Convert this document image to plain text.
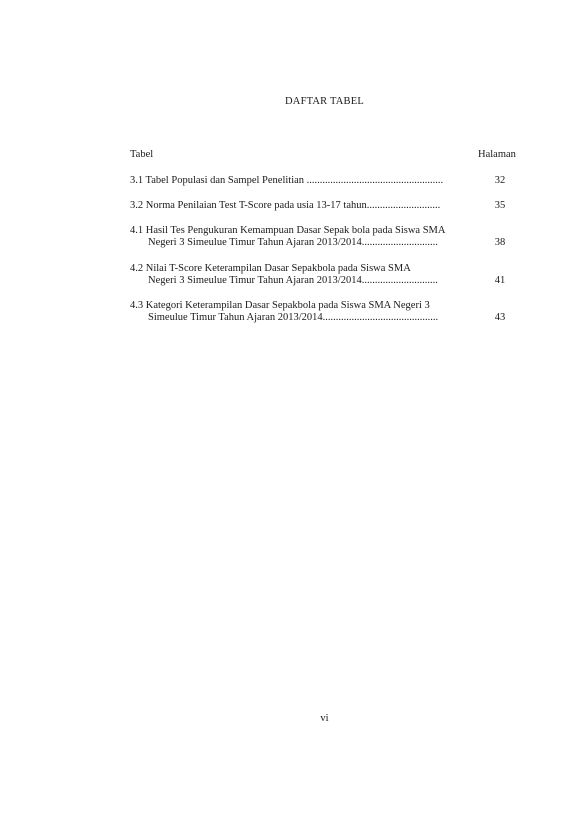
DAFTAR TABEL
Tabel	Halaman
3.1 Tabel Populasi dan Sampel Penelitian ....................................................	32
3.2 Norma Penilaian Test T-Score pada usia 13-17 tahun............................	35
4.1 Hasil Tes Pengukuran Kemampuan Dasar Sepak bola pada Siswa SMA
Negeri 3 Simeulue Timur Tahun Ajaran 2013/2014.............................	38
4.2 Nilai T-Score Keterampilan Dasar Sepakbola pada Siswa SMA
Negeri 3 Simeulue Timur Tahun Ajaran 2013/2014.............................	41
4.3 Kategori Keterampilan Dasar Sepakbola pada Siswa SMA Negeri 3
Simeulue Timur Tahun Ajaran 2013/2014............................................	43
vi
